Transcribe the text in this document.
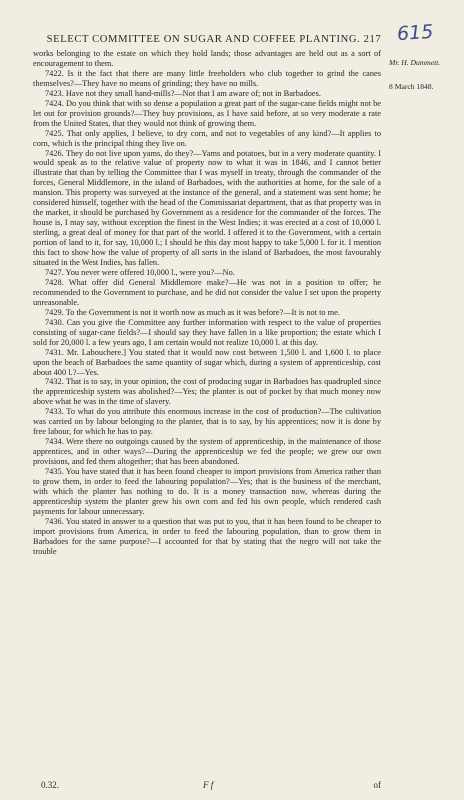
SELECT COMMITTEE ON SUGAR AND COFFEE PLANTING. 217 615
Mr. H. Dummett.
8 March 1848.

works belonging to the estate on which they hold lands; those advantages are held out as a sort of encouragement to them.

7422. Is it the fact that there are many little freeholders who club together to grind the canes themselves?—They have no means of grinding; they have no mills.

7423. Have not they small hand-mills?—Not that I am aware of; not in Barbadoes.

7424. Do you think that with so dense a population a great part of the sugar-cane fields might not be let out for provision grounds?—They buy provisions, as I have said before, at so very moderate a rate from the United States, that they would not think of growing them.

7425. That only applies, I believe, to dry corn, and not to vegetables of any kind?—It applies to corn, which is the principal thing they live on.

7426. They do not live upon yams, do they?—Yams and potatoes, but in a very moderate quantity. I would speak as to the relative value of property now to what it was in 1846, and I cannot better illustrate that than by telling the Committee that I was myself in treaty, through the commander of the forces, General Middlemore, in the island of Barbadoes, with the authorities at home, for the sale of a mansion. This property was surveyed at the instance of the general, and a statement was sent home; he considered himself, together with the head of the Commissariat department, that as that property was in the market, it should be purchased by Government as a residence for the commander of the forces. The house is, I may say, without exception the finest in the West Indies; it was erected at a cost of 10,000 l. sterling, a great deal of money for that part of the world. I offered it to the Government, with a certain portion of land to it, for say, 10,000 l.; I should be this day most happy to take 5,000 l. for it. I mention this fact to show how the value of property of all sorts in the island of Barbadoes, the most favourably situated in the West Indies, has fallen.

7427. You never were offered 10,000 l., were you?—No.

7428. What offer did General Middlemore make?—He was not in a position to offer; he recommended to the Government to purchase, and he did not consider the value I set upon the property unreasonable.

7429. To the Government is not it worth now as much as it was before?—It is not to me.

7430. Can you give the Committee any further information with respect to the value of properties consisting of sugar-cane fields?—I should say they have fallen in a like proportion; the estate which I sold for 20,000 l. a few years ago, I am certain would not realize 10,000 l. at this day.

7431. Mr. Labouchere.] You stated that it would now cost between 1,500 l. and 1,600 l. to place upon the beach of Barbadoes the same quantity of sugar which, during a system of apprenticeship, cost about 400 l.?—Yes.

7432. That is to say, in your opinion, the cost of producing sugar in Barbadoes has quadrupled since the apprenticeship system was abolished?—Yes; the planter is out of pocket by that much money now above what he was in the time of slavery.

7433. To what do you attribute this enormous increase in the cost of production?—The cultivation was carried on by labour belonging to the planter, that is to say, by his apprentices; now it is done by free labour, for which he has to pay.

7434. Were there no outgoings caused by the system of apprenticeship, in the maintenance of those apprentices, and in other ways?—During the apprenticeship we fed the people; we grew our own provisions, and fed them altogether; that has been abandoned.

7435. You have stated that it has been found cheaper to import provisions from America rather than to grow them, in order to feed the labouring population?—Yes; that is the business of the merchant, with which the planter has nothing to do. It is a money transaction now, whereas during the apprenticeship system the planter grew his own corn and fed his own people, which rendered cash payments for labour unnecessary.

7436. You stated in answer to a question that was put to you, that it has been found to be cheaper to import provisions from America, in order to feed the labouring population, than to grow them in Barbadoes for the same purpose?—I accounted for that by stating that the negro will not take the trouble

0.32.	F f	of
